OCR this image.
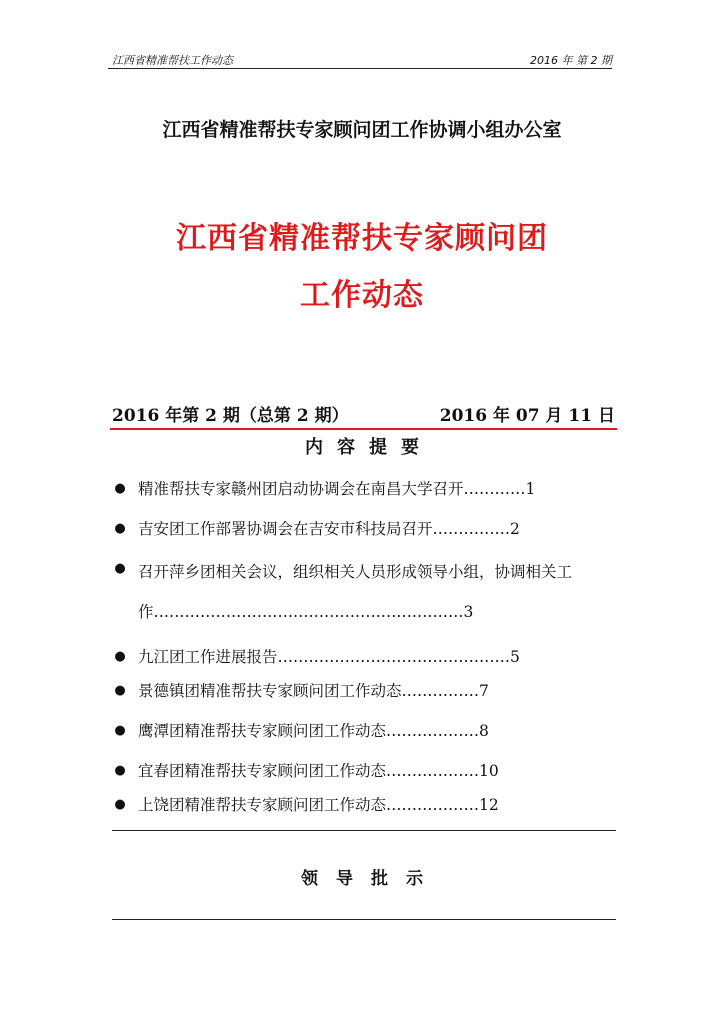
江西省精准帮扶工作动态	2016 年 第 2 期
江西省精准帮扶专家顾问团工作协调小组办公室
江西省精准帮扶专家顾问团
工作动态
2016 年第 2 期（总第 2 期）	2016 年 07 月 11 日
内容提要
● 精准帮扶专家赣州团启动协调会在南昌大学召开…………1
● 吉安团工作部署协调会在吉安市科技局召开……………2
● 召开萍乡团相关会议，组织相关人员形成领导小组，协调相关工作……………………………………………………3
● 九江团工作进展报告………………………………………5
● 景德镇团精准帮扶专家顾问团工作动态……………7
● 鹰潭团精准帮扶专家顾问团工作动态………………8
● 宜春团精准帮扶专家顾问团工作动态………………10
● 上饶团精准帮扶专家顾问团工作动态………………12
领导批示
